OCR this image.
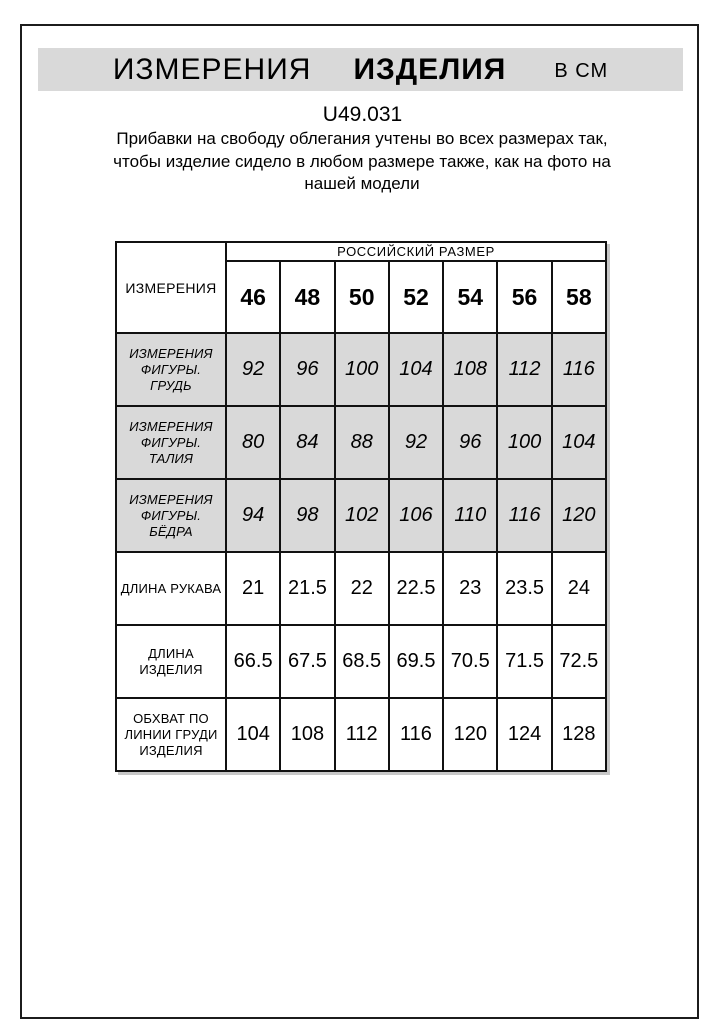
ИЗМЕРЕНИЯ ИЗДЕЛИЯ В СМ
U49.031
Прибавки на свободу облегания учтены во всех размерах так, чтобы изделие сидело в любом размере также, как на фото на нашей модели
ИЗМЕРЕНИЯ	РОССИЙСКИЙ РАЗМЕР						
	46	48	50	52	54	56	58
ИЗМЕРЕНИЯ ФИГУРЫ. ГРУДЬ	92	96	100	104	108	112	116
ИЗМЕРЕНИЯ ФИГУРЫ. ТАЛИЯ	80	84	88	92	96	100	104
ИЗМЕРЕНИЯ ФИГУРЫ. БЁДРА	94	98	102	106	110	116	120
ДЛИНА РУКАВА	21	21.5	22	22.5	23	23.5	24
ДЛИНА ИЗДЕЛИЯ	66.5	67.5	68.5	69.5	70.5	71.5	72.5
ОБХВАТ ПО ЛИНИИ ГРУДИ ИЗДЕЛИЯ	104	108	112	116	120	124	128
